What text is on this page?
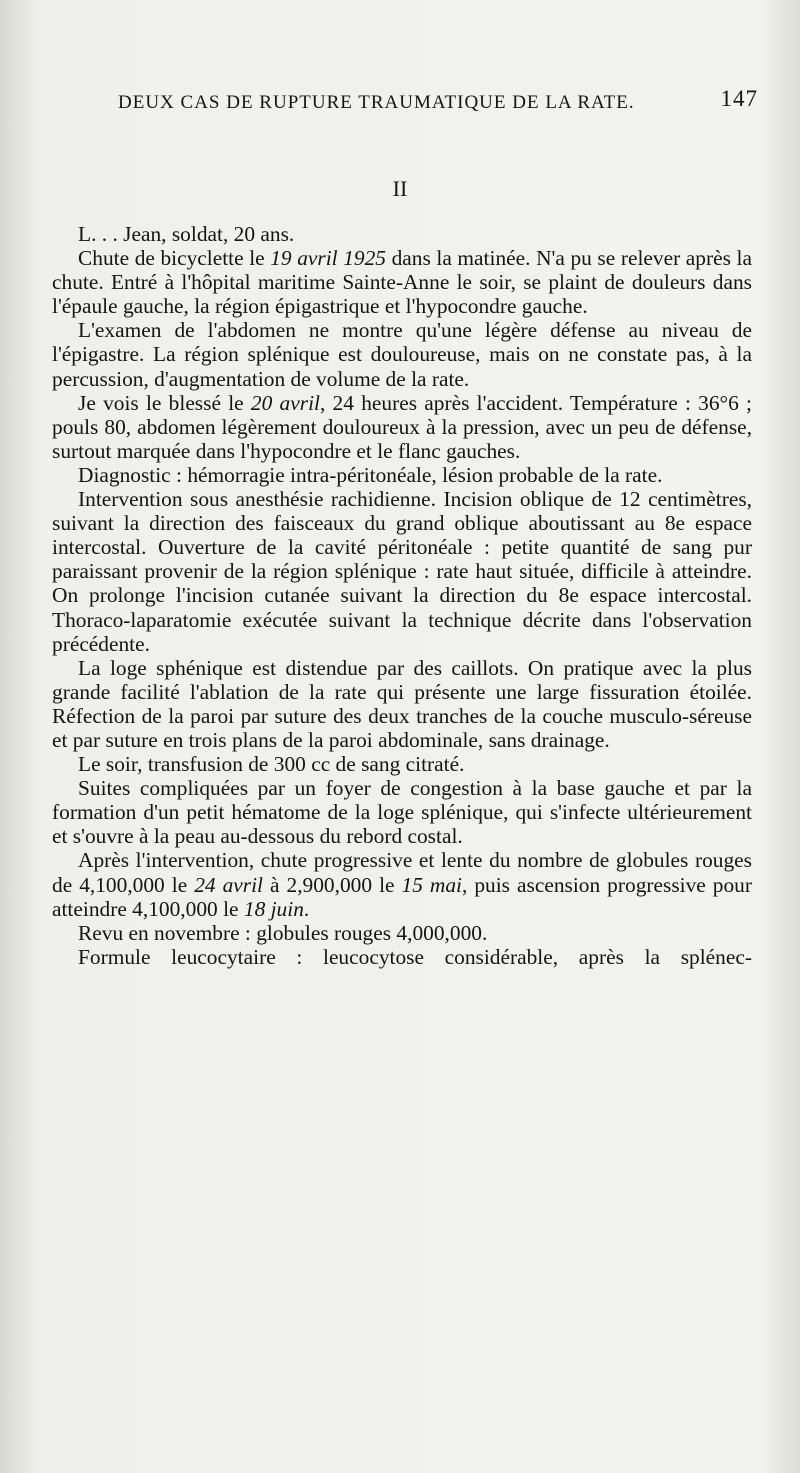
DEUX CAS DE RUPTURE TRAUMATIQUE DE LA RATE.	147
II

L. . . Jean, soldat, 20 ans.

Chute de bicyclette le 19 avril 1925 dans la matinée. N'a pu se relever après la chute. Entré à l'hôpital maritime Sainte-Anne le soir, se plaint de douleurs dans l'épaule gauche, la région épigastrique et l'hypocondre gauche.

L'examen de l'abdomen ne montre qu'une légère défense au niveau de l'épigastre. La région splénique est douloureuse, mais on ne constate pas, à la percussion, d'augmentation de volume de la rate.

Je vois le blessé le 20 avril, 24 heures après l'accident. Température : 36°6 ; pouls 80, abdomen légèrement douloureux à la pression, avec un peu de défense, surtout marquée dans l'hypocondre et le flanc gauches.

Diagnostic : hémorragie intra-péritonéale, lésion probable de la rate.

Intervention sous anesthésie rachidienne. Incision oblique de 12 centimètres, suivant la direction des faisceaux du grand oblique aboutissant au 8e espace intercostal. Ouverture de la cavité péritonéale : petite quantité de sang pur paraissant provenir de la région splénique : rate haut située, difficile à atteindre. On prolonge l'incision cutanée suivant la direction du 8e espace intercostal. Thoraco-laparatomie exécutée suivant la technique décrite dans l'observation précédente.

La loge sphénique est distendue par des caillots. On pratique avec la plus grande facilité l'ablation de la rate qui présente une large fissuration étoilée. Réfection de la paroi par suture des deux tranches de la couche musculo-séreuse et par suture en trois plans de la paroi abdominale, sans drainage.

Le soir, transfusion de 300 cc de sang citraté.

Suites compliquées par un foyer de congestion à la base gauche et par la formation d'un petit hématome de la loge splénique, qui s'infecte ultérieurement et s'ouvre à la peau au-dessous du rebord costal.

Après l'intervention, chute progressive et lente du nombre de globules rouges de 4,100,000 le 24 avril à 2,900,000 le 15 mai, puis ascension progressive pour atteindre 4,100,000 le 18 juin.

Revu en novembre : globules rouges 4,000,000.

Formule leucocytaire : leucocytose considérable, après la splénec-
